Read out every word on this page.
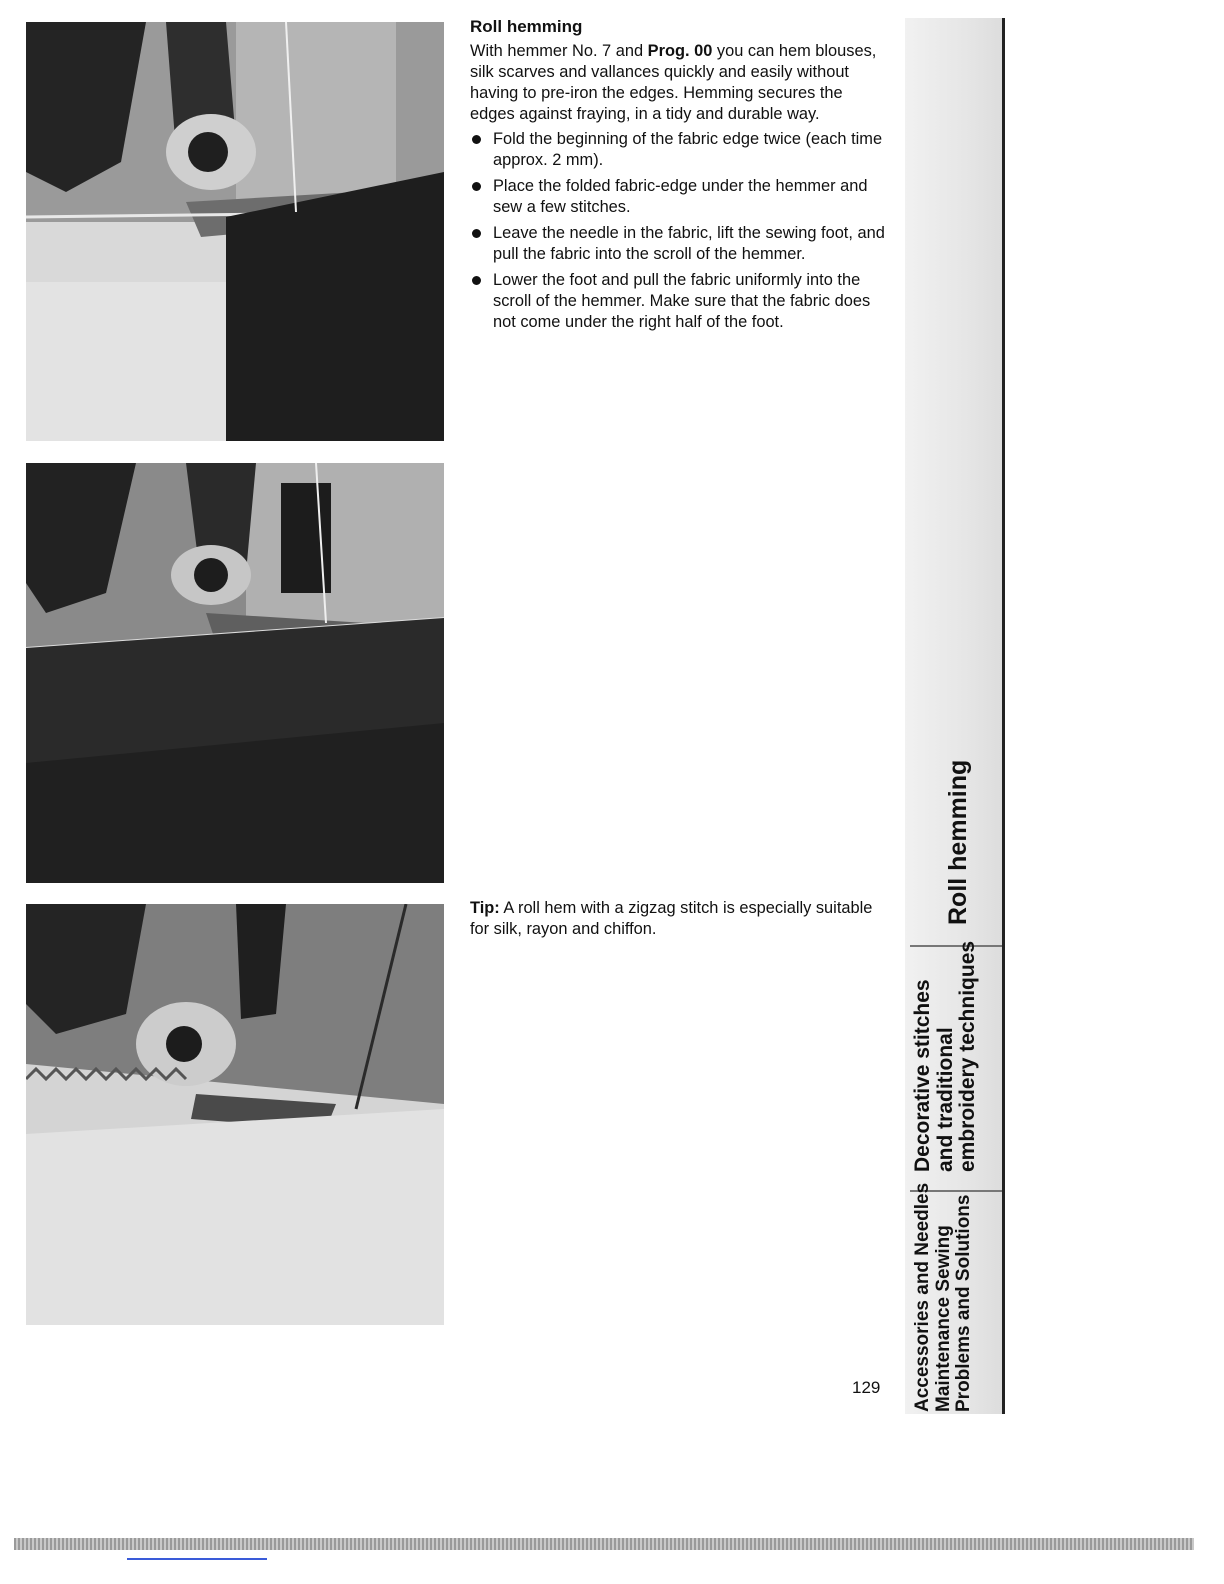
Roll hemming

With hemmer No. 7 and Prog. 00 you can hem blouses, silk scarves and vallances quickly and easily without having to pre-iron the edges. Hemming secures the edges against fraying, in a tidy and durable way.

Fold the beginning of the fabric edge twice (each time approx. 2 mm).
Place the folded fabric-edge under the hemmer and sew a few stitches.
Leave the needle in the fabric, lift the sewing foot, and pull the fabric into the scroll of the hemmer.
Lower the foot and pull the fabric uniformly into the scroll of the hemmer. Make sure that the fabric does not come under the right half of the foot.
Tip: A roll hem with a zigzag stitch is especially suitable for silk, rayon and chiffon.
129
Roll hemming
Decorative stitches and traditional embroidery techniques
Accessories and Needles Maintenance Sewing Problems and Solutions
